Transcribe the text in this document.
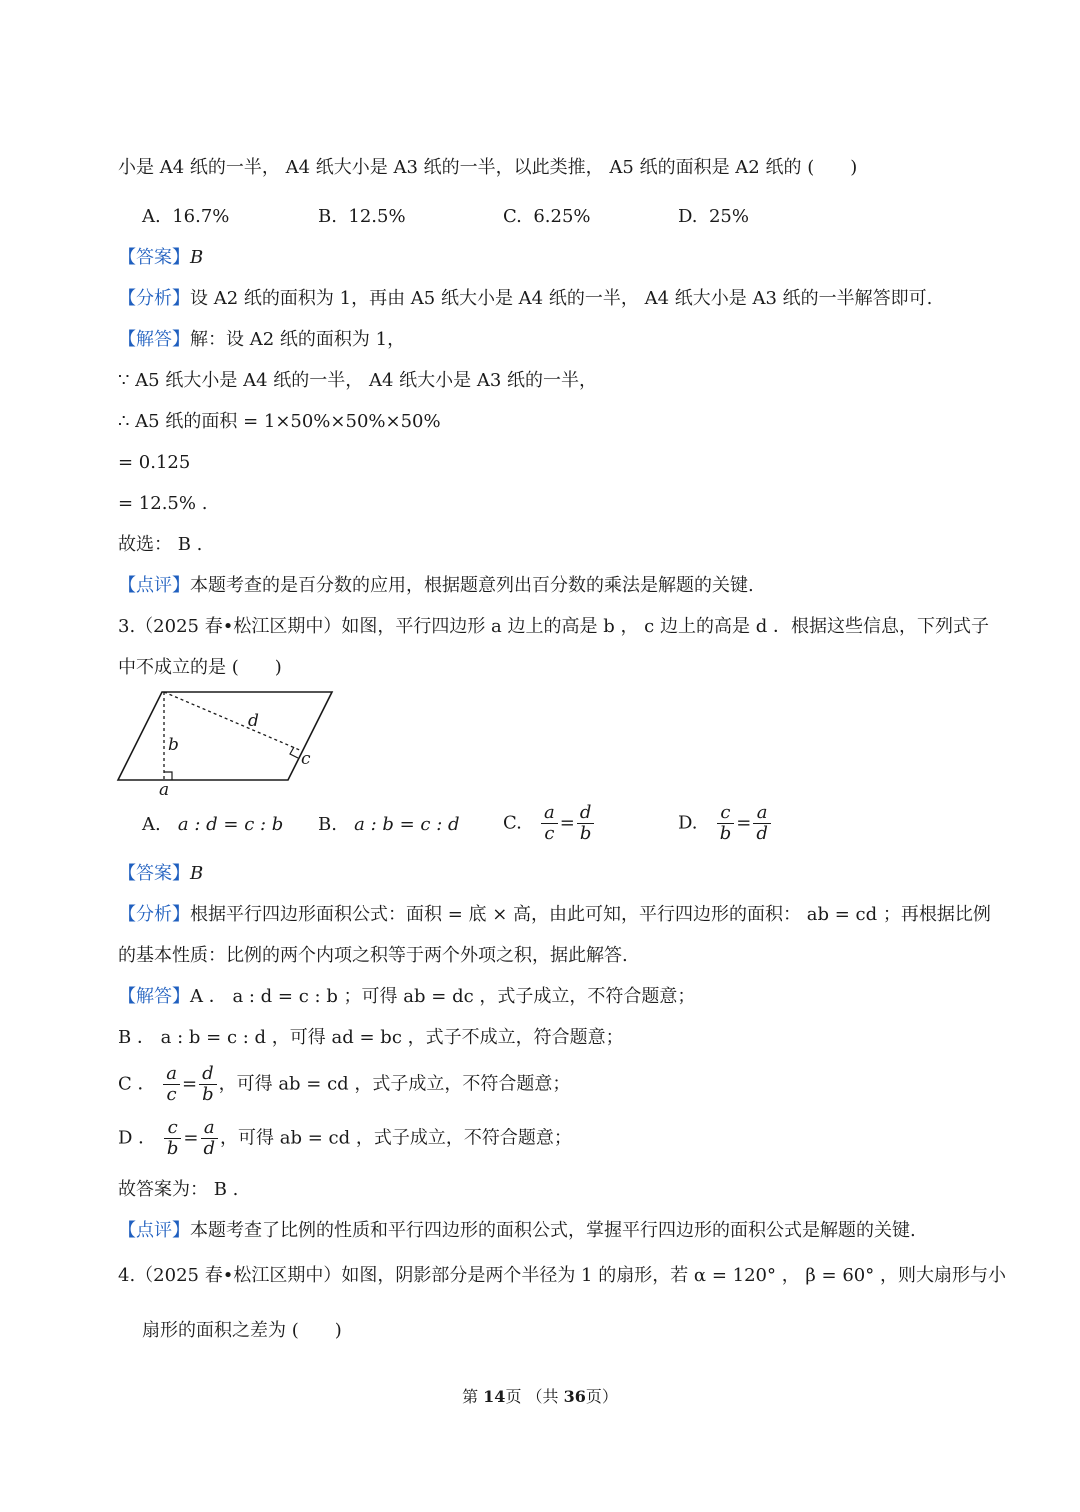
小是 A4 纸的一半， A4 纸大小是 A3 纸的一半，以此类推， A5 纸的面积是 A2 纸的 (　　)
A. 16.7%	B. 12.5%	C. 6.25%	D. 25%
【答案】B
【分析】设 A2 纸的面积为 1，再由 A5 纸大小是 A4 纸的一半， A4 纸大小是 A3 纸的一半解答即可.
【解答】解：设 A2 纸的面积为 1，
∵ A5 纸大小是 A4 纸的一半， A4 纸大小是 A3 纸的一半，
∴ A5 纸的面积 = 1×50%×50%×50%
= 0.125
= 12.5% .
故选： B .
【点评】本题考查的是百分数的应用，根据题意列出百分数的乘法是解题的关键.
3.（2025 春•松江区期中）如图，平行四边形 a 边上的高是 b ， c 边上的高是 d ．根据这些信息，下列式子
中不成立的是 (　　)
d
b
c
a
A. a : d = c : b B. a : b = c : d C. $\frac{a}{c} = \frac{d}{b}$	D. $\frac{c}{b} = \frac{a}{d}$
【答案】B
【分析】根据平行四边形面积公式：面积 = 底 × 高，由此可知，平行四边形的面积： ab = cd ；再根据比例
的基本性质：比例的两个内项之积等于两个外项之积，据此解答.
【解答】A ． a : d = c : b ；可得 ab = dc ，式子成立，不符合题意；
B ． a : b = c : d ，可得 ad = bc ，式子不成立，符合题意；
C ． $\frac{a}{c} = \frac{d}{b}$ ，可得 ab = cd ，式子成立，不符合题意；
D ． $\frac{c}{b} = \frac{a}{d}$ ，可得 ab = cd ，式子成立，不符合题意；
故答案为： B .
【点评】本题考查了比例的性质和平行四边形的面积公式，掌握平行四边形的面积公式是解题的关键.
4.（2025 春•松江区期中）如图，阴影部分是两个半径为 1 的扇形，若 α = 120° ， β = 60° ，则大扇形与小
扇形的面积之差为 (　　)
第 14页 （共 36页）
